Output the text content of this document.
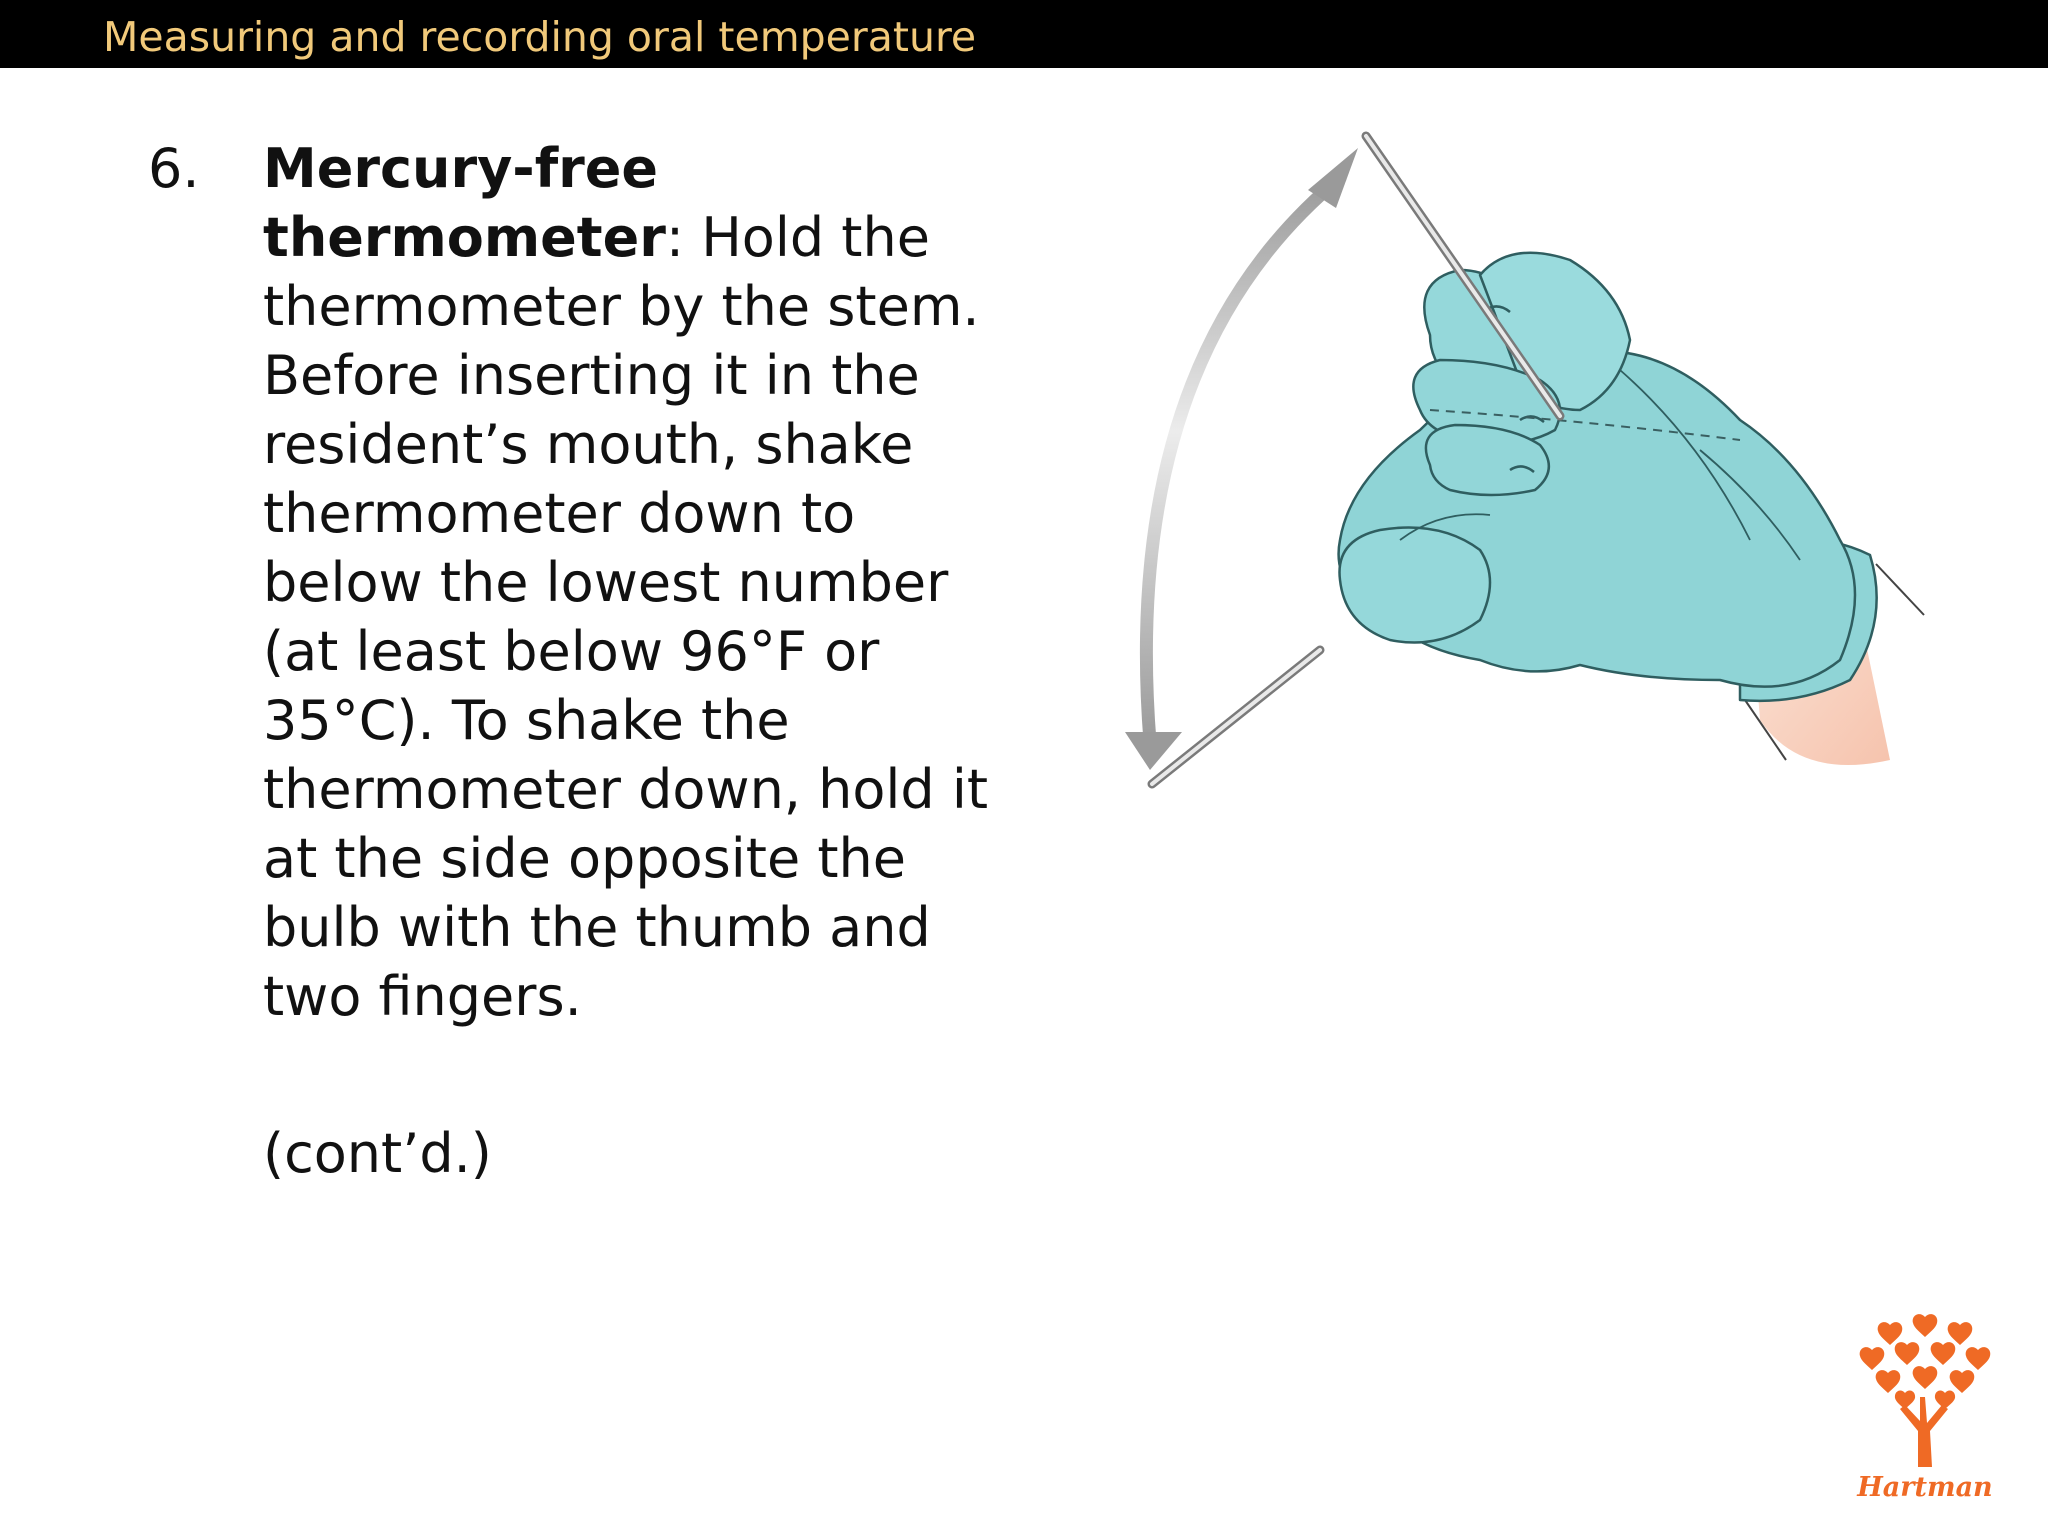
Measuring and recording oral temperature
6. Mercury-free thermometer: Hold the thermometer by the stem. Before inserting it in the resident’s mouth, shake thermometer down to below the lowest number (at least below 96°F or 35°C). To shake the thermometer down, hold it at the side opposite the bulb with the thumb and two fingers.
(cont’d.)
Hartman
